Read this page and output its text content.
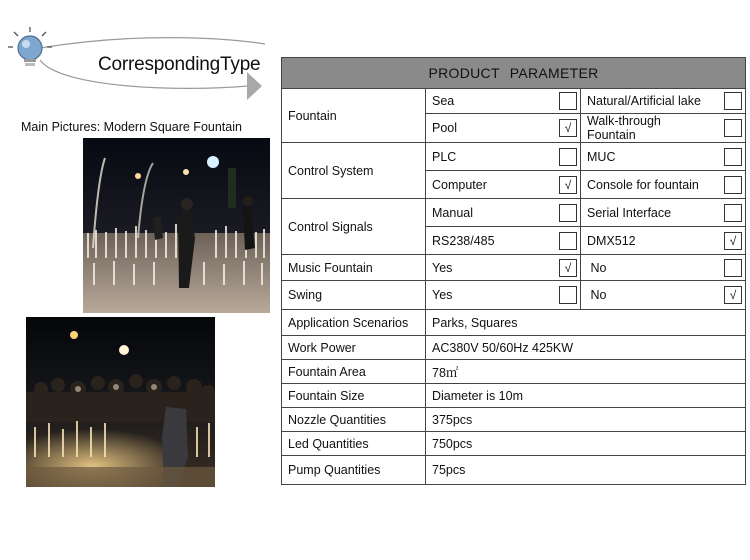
CorrespondingType
Main Pictures: Modern Square Fountain
PRODUCT PARAMETER				
Fountain	Sea		Natural/Artificial lake	
	Pool	√	Walk-through Fountain	
Control System	PLC		MUC	
	Computer	√	Console for fountain	
Control Signals	Manual		Serial Interface	
	RS238/485		DMX512	√
Music Fountain	Yes	√	No	
Swing	Yes		No	√
Application Scenarios	Parks, Squares			
Work Power	AC380V 50/60Hz 425KW			
Fountain Area	78㎡			
Fountain Size	Diameter is 10m			
Nozzle Quantities	375pcs			
Led Quantities	750pcs			
Pump Quantities	75pcs			
